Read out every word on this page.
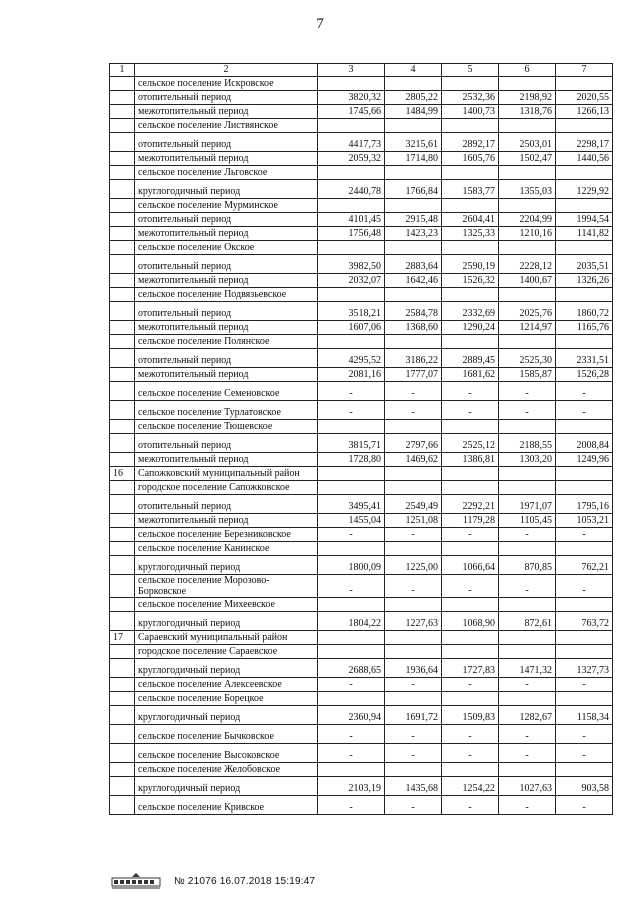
7
1	2	3	4	5	6	7
	сельское поселение Искровское					
	отопительный период	3820,32	2805,22	2532,36	2198,92	2020,55
	межотопительный период	1745,66	1484,99	1400,73	1318,76	1266,13
	сельское поселение Листвянское					
	отопительный период	4417,73	3215,61	2892,17	2503,01	2298,17
	межотопительный период	2059,32	1714,80	1605,76	1502,47	1440,56
	сельское поселение Льговское					
	круглогодичный период	2440,78	1766,84	1583,77	1355,03	1229,92
	сельское поселение Мурминское					
	отопительный период	4101,45	2915,48	2604,41	2204,99	1994,54
	межотопительный период	1756,48	1423,23	1325,33	1210,16	1141,82
	сельское поселение Окское					
	отопительный период	3982,50	2883,64	2590,19	2228,12	2035,51
	межотопительный период	2032,07	1642,46	1526,32	1400,67	1326,26
	сельское поселение Подвязьевское					
	отопительный период	3518,21	2584,78	2332,69	2025,76	1860,72
	межотопительный период	1607,06	1368,60	1290,24	1214,97	1165,76
	сельское поселение Полянское					
	отопительный период	4295,52	3186,22	2889,45	2525,30	2331,51
	межотопительный период	2081,16	1777,07	1681,62	1585,87	1526,28
	сельское поселение Семеновское	-	-	-	-	-
	сельское поселение Турлатовское	-	-	-	-	-
	сельское поселение Тюшевское					
	отопительный период	3815,71	2797,66	2525,12	2188,55	2008,84
	межотопительный период	1728,80	1469,62	1386,81	1303,20	1249,96
16	Сапожковский муниципальный район					
	городское поселение Сапожковское					
	отопительный период	3495,41	2549,49	2292,21	1971,07	1795,16
	межотопительный период	1455,04	1251,08	1179,28	1105,45	1053,21
	сельское поселение Березниковское	-	-	-	-	-
	сельское поселение Канинское					
	круглогодичный период	1800,09	1225,00	1066,64	870,85	762,21
	сельское поселение Морозово-Борковское	-	-	-	-	-
	сельское поселение Михеевское					
	круглогодичный период	1804,22	1227,63	1068,90	872,61	763,72
17	Сараевский муниципальный район					
	городское поселение Сараевское					
	круглогодичный период	2688,65	1936,64	1727,83	1471,32	1327,73
	сельское поселение Алексеевское	-	-	-	-	-
	сельское поселение Борецкое					
	круглогодичный период	2360,94	1691,72	1509,83	1282,67	1158,34
	сельское поселение Бычковское	-	-	-	-	-
	сельское поселение Высоковское	-	-	-	-	-
	сельское поселение Желобовское					
	круглогодичный период	2103,19	1435,68	1254,22	1027,63	903,58
	сельское поселение Кривское	-	-	-	-	-
№ 21076 16.07.2018 15:19:47
